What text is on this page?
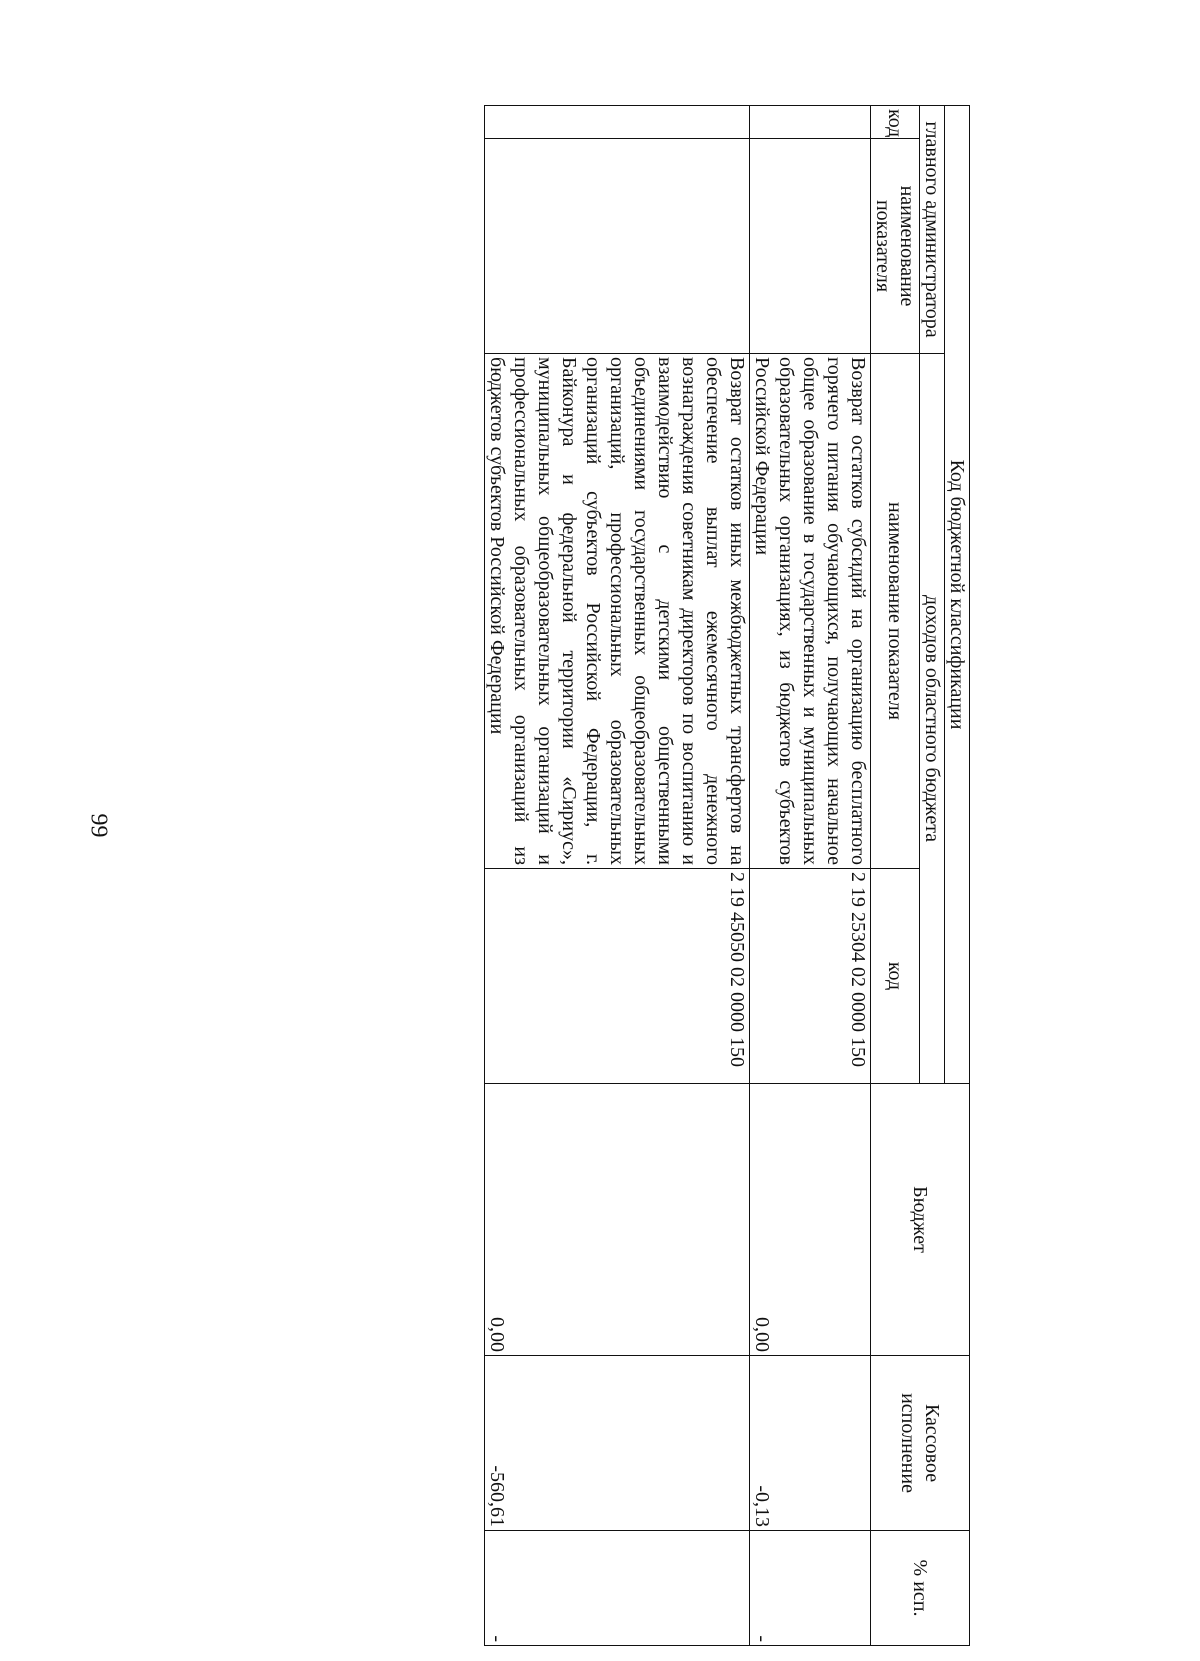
99
Код бюджетной классификации				Бюджет	Кассовое исполнение	% исп.
главного администратора		доходов областного бюджета				
код	наименование показателя	наименование показателя	код			
		Возврат остатков субсидий на организацию бесплатного горячего питания обучающихся, получающих начальное общее образование в государственных и муниципальных образовательных организациях, из бюджетов субъектов Российской Федерации	2 19 25304 02 0000 150	0,00	-0,13	-
		Возврат остатков иных межбюджетных трансфертов на обеспечение выплат ежемесячного денежного вознаграждения советникам директоров по воспитанию и взаимодействию с детскими общественными объединениями государственных общеобразовательных организаций, профессиональных образовательных организаций субъектов Российской Федерации, г. Байконура и федеральной территории «Сириус», муниципальных общеобразовательных организаций и профессиональных образовательных организаций из бюджетов субъектов Российской Федерации	2 19 45050 02 0000 150	0,00	-560,61	-
